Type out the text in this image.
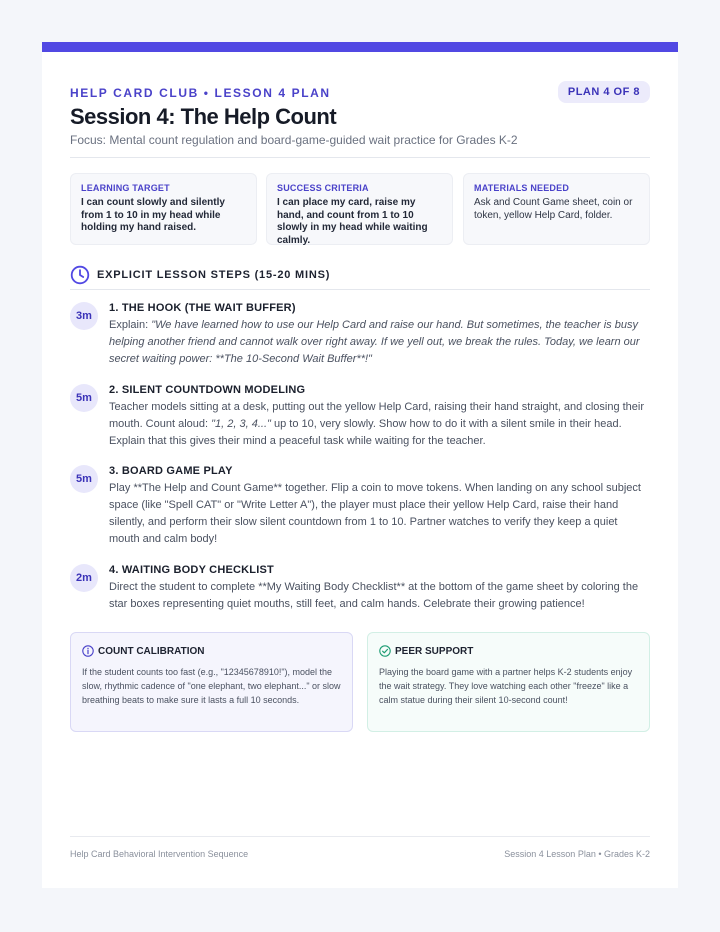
HELP CARD CLUB • LESSON 4 PLAN	PLAN 4 OF 8
Session 4: The Help Count
Focus: Mental count regulation and board-game-guided wait practice for Grades K-2
LEARNING TARGET
I can count slowly and silently from 1 to 10 in my head while holding my hand raised.
SUCCESS CRITERIA
I can place my card, raise my hand, and count from 1 to 10 slowly in my head while waiting calmly.
MATERIALS NEEDED
Ask and Count Game sheet, coin or token, yellow Help Card, folder.
EXPLICIT LESSON STEPS (15-20 MINS)
3m
1. THE HOOK (THE WAIT BUFFER)
Explain: "We have learned how to use our Help Card and raise our hand. But sometimes, the teacher is busy helping another friend and cannot walk over right away. If we yell out, we break the rules. Today, we learn our secret waiting power: **The 10-Second Wait Buffer**!"
5m
2. SILENT COUNTDOWN MODELING
Teacher models sitting at a desk, putting out the yellow Help Card, raising their hand straight, and closing their mouth. Count aloud: "1, 2, 3, 4..." up to 10, very slowly. Show how to do it with a silent smile in their head. Explain that this gives their mind a peaceful task while waiting for the teacher.
5m
3. BOARD GAME PLAY
Play **The Help and Count Game** together. Flip a coin to move tokens. When landing on any school subject space (like "Spell CAT" or "Write Letter A"), the player must place their yellow Help Card, raise their hand silently, and perform their slow silent countdown from 1 to 10. Partner watches to verify they keep a quiet mouth and calm body!
2m
4. WAITING BODY CHECKLIST
Direct the student to complete **My Waiting Body Checklist** at the bottom of the game sheet by coloring the star boxes representing quiet mouths, still feet, and calm hands. Celebrate their growing patience!
COUNT CALIBRATION
If the student counts too fast (e.g., "12345678910!"), model the slow, rhythmic cadence of "one elephant, two elephant..." or slow breathing beats to make sure it lasts a full 10 seconds.
PEER SUPPORT
Playing the board game with a partner helps K-2 students enjoy the wait strategy. They love watching each other "freeze" like a calm statue during their silent 10-second count!
Help Card Behavioral Intervention Sequence	Session 4 Lesson Plan • Grades K-2
